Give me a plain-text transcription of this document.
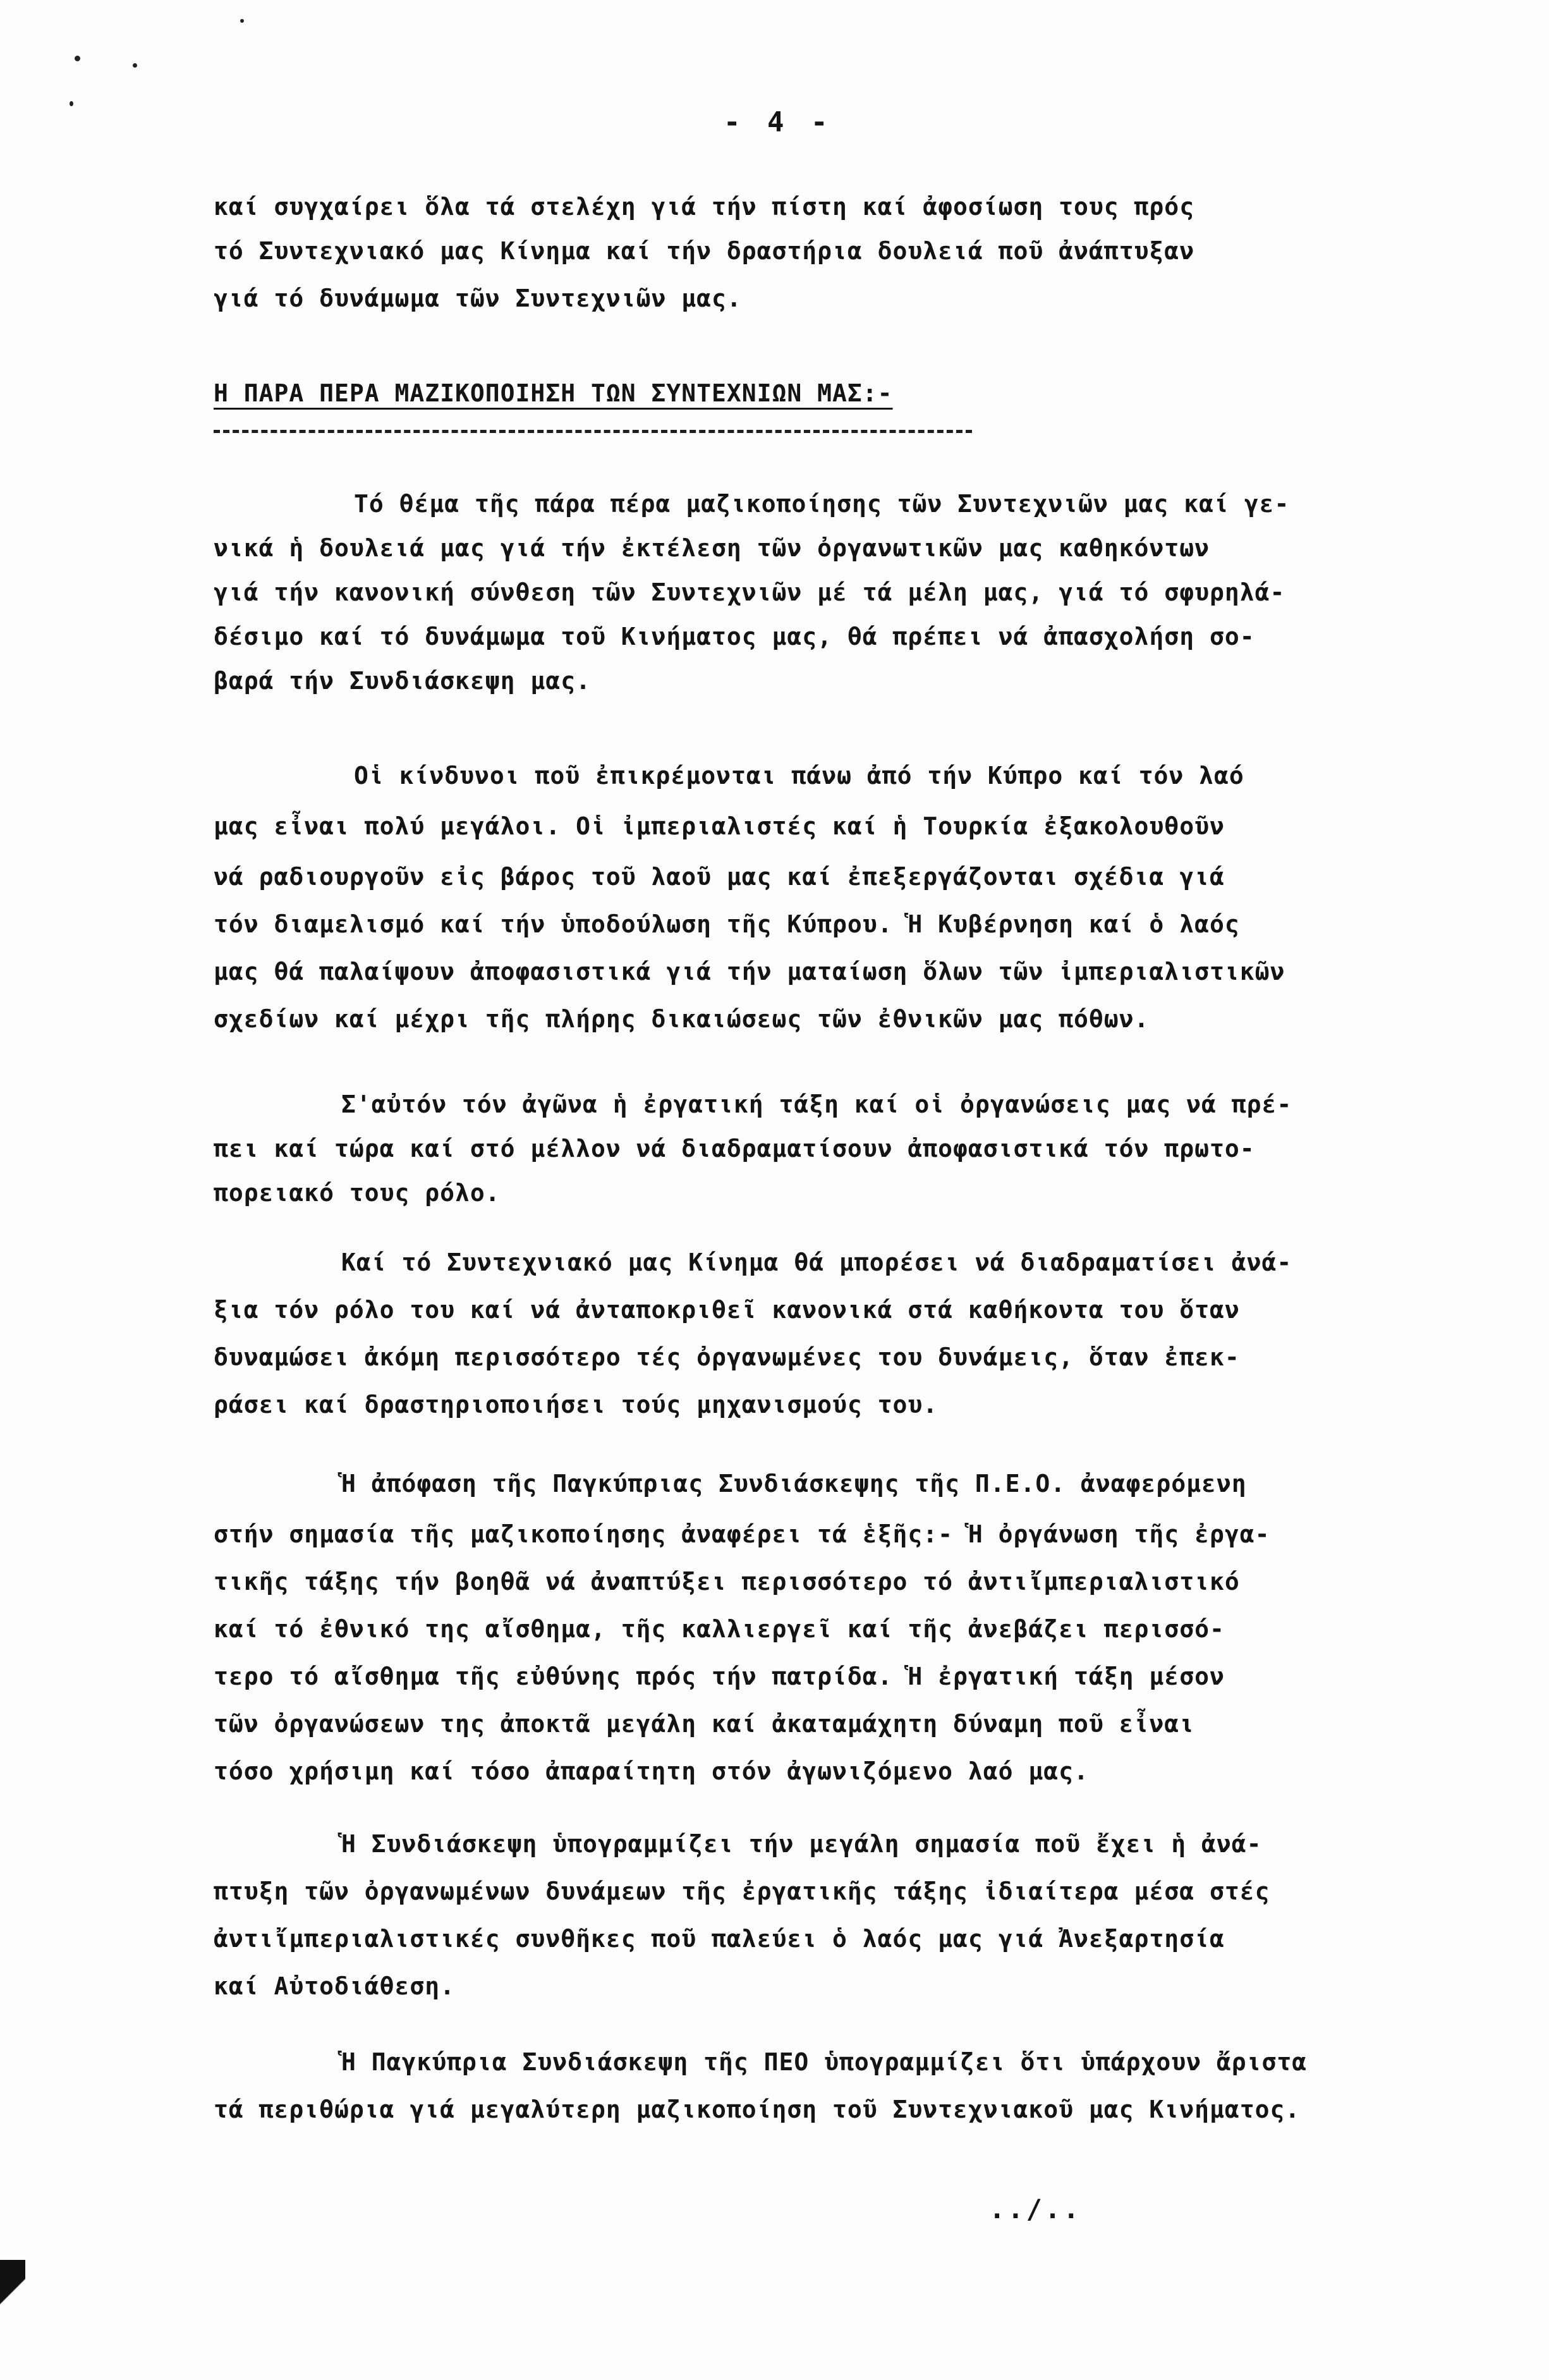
- 4 -
καί συγχαίρει ὅλα τά στελέχη γιά τήν πίστη καί ἀφοσίωση τους πρός
τό Συντεχνιακό μας Κίνημα καί τήν δραστήρια δουλειά ποῦ ἀνάπτυξαν
γιά τό δυνάμωμα τῶν Συντεχνιῶν μας.
Η ΠΑΡΑ ΠΕΡΑ ΜΑΖΙΚΟΠΟΙΗΣΗ ΤΩΝ ΣΥΝΤΕΧΝΙΩΝ ΜΑΣ:-
Τό θέμα τῆς πάρα πέρα μαζικοποίησης τῶν Συντεχνιῶν μας καί γε-
νικά ἡ δουλειά μας γιά τήν ἐκτέλεση τῶν ὀργανωτικῶν μας καθηκόντων
γιά τήν κανονική σύνθεση τῶν Συντεχνιῶν μέ τά μέλη μας, γιά τό σφυρηλά-
δέσιμο καί τό δυνάμωμα τοῦ Κινήματος μας, θά πρέπει νά ἀπασχολήση σο-
βαρά τήν Συνδιάσκεψη μας.
Οἱ κίνδυνοι ποῦ ἐπικρέμονται πάνω ἀπό τήν Κύπρο καί τόν λαό
μας εἶναι πολύ μεγάλοι. Οἱ ἰμπεριαλιστές καί ἡ Τουρκία ἐξακολουθοῦν
νά ραδιουργοῦν εἰς βάρος τοῦ λαοῦ μας καί ἐπεξεργάζονται σχέδια γιά
τόν διαμελισμό καί τήν ὑποδούλωση τῆς Κύπρου. Ἡ Κυβέρνηση καί ὁ λαός
μας θά παλαίψουν ἀποφασιστικά γιά τήν ματαίωση ὅλων τῶν ἰμπεριαλιστικῶν
σχεδίων καί μέχρι τῆς πλήρης δικαιώσεως τῶν ἐθνικῶν μας πόθων.
Σ'αὐτόν τόν ἀγῶνα ἡ ἐργατική τάξη καί οἱ ὀργανώσεις μας νά πρέ-
πει καί τώρα καί στό μέλλον νά διαδραματίσουν ἀποφασιστικά τόν πρωτο-
πορειακό τους ρόλο.
Καί τό Συντεχνιακό μας Κίνημα θά μπορέσει νά διαδραματίσει ἀνά-
ξια τόν ρόλο του καί νά ἀνταποκριθεῖ κανονικά στά καθήκοντα του ὅταν
δυναμώσει ἀκόμη περισσότερο τές ὀργανωμένες του δυνάμεις, ὅταν ἐπεκ-
ράσει καί δραστηριοποιήσει τούς μηχανισμούς του.
Ἡ ἀπόφαση τῆς Παγκύπριας Συνδιάσκεψης τῆς Π.Ε.Ο. ἀναφερόμενη
στήν σημασία τῆς μαζικοποίησης ἀναφέρει τά ἑξῆς:- Ἡ ὀργάνωση τῆς ἐργα-
τικῆς τάξης τήν βοηθᾶ νά ἀναπτύξει περισσότερο τό ἀντιἴμπεριαλιστικό
καί τό ἐθνικό της αἴσθημα, τῆς καλλιεργεῖ καί τῆς ἀνεβάζει περισσό-
τερο τό αἴσθημα τῆς εὐθύνης πρός τήν πατρίδα. Ἡ ἐργατική τάξη μέσον
τῶν ὀργανώσεων της ἀποκτᾶ μεγάλη καί ἀκαταμάχητη δύναμη ποῦ εἶναι
τόσο χρήσιμη καί τόσο ἀπαραίτητη στόν ἀγωνιζόμενο λαό μας.
Ἡ Συνδιάσκεψη ὑπογραμμίζει τήν μεγάλη σημασία ποῦ ἔχει ἡ ἀνά-
πτυξη τῶν ὀργανωμένων δυνάμεων τῆς ἐργατικῆς τάξης ἰδιαίτερα μέσα στές
ἀντιἴμπεριαλιστικές συνθῆκες ποῦ παλεύει ὁ λαός μας γιά Ἀνεξαρτησία
καί Αὐτοδιάθεση.
Ἡ Παγκύπρια Συνδιάσκεψη τῆς ΠΕΟ ὑπογραμμίζει ὅτι ὑπάρχουν ἄριστα
τά περιθώρια γιά μεγαλύτερη μαζικοποίηση τοῦ Συντεχνιακοῦ μας Κινήματος.
../..
